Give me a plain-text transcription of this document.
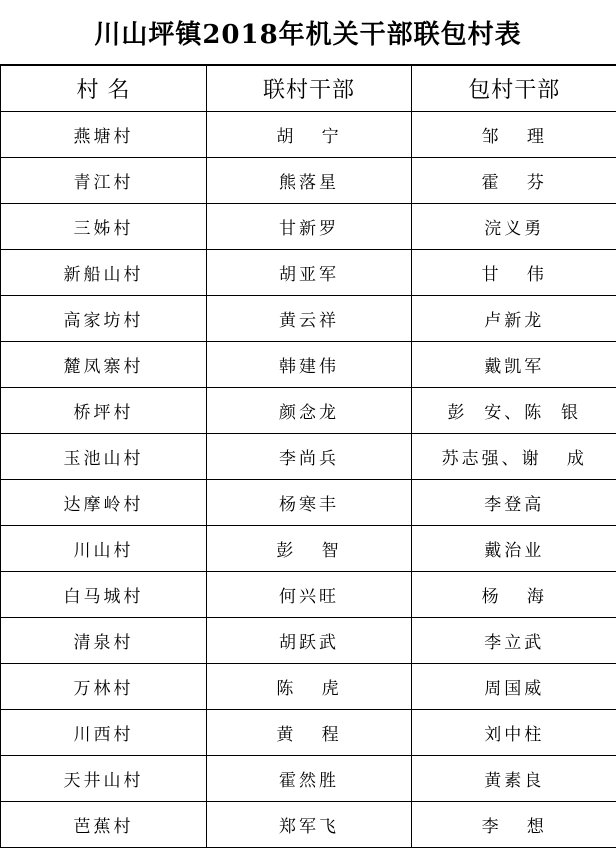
川山坪镇2018年机关干部联包村表
村 名	联村干部	包村干部
燕塘村	胡   宁	邹   理
青江村	熊落星	霍   芬
三姊村	甘新罗	浣义勇
新船山村	胡亚军	甘   伟
高家坊村	黄云祥	卢新龙
麓凤寨村	韩建伟	戴凯军
桥坪村	颜念龙	彭  安、陈  银
玉池山村	李尚兵	苏志强、谢   成
达摩岭村	杨寒丰	李登高
川山村	彭   智	戴治业
白马城村	何兴旺	杨   海
清泉村	胡跃武	李立武
万林村	陈   虎	周国威
川西村	黄   程	刘中柱
天井山村	霍然胜	黄素良
芭蕉村	郑军飞	李   想
